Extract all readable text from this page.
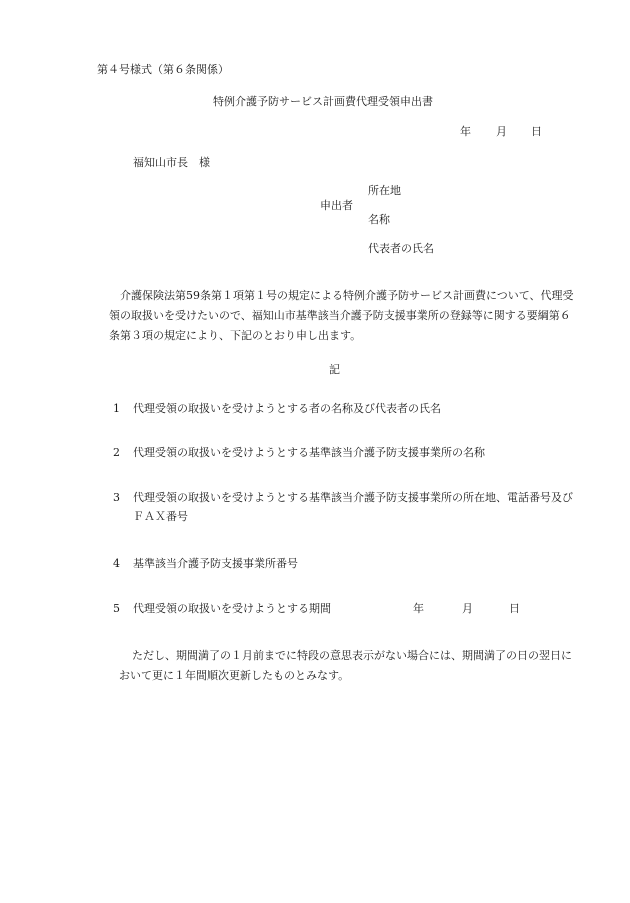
第４号様式（第６条関係）
特例介護予防サービス計画費代理受領申出書
年 月 日
福知山市長　様
申出者
所在地
名称
代表者の氏名
介護保険法第59条第１項第１号の規定による特例介護予防サービス計画費について、代理受領の取扱いを受けたいので、福知山市基準該当介護予防支援事業所の登録等に関する要綱第６条第３項の規定により、下記のとおり申し出ます。
記
1 代理受領の取扱いを受けようとする者の名称及び代表者の氏名
2 代理受領の取扱いを受けようとする基準該当介護予防支援事業所の名称
3 代理受領の取扱いを受けようとする基準該当介護予防支援事業所の所在地、電話番号及びＦＡＸ番号
4 基準該当介護予防支援事業所番号
5 代理受領の取扱いを受けようとする期間	年	月	日
ただし、期間満了の１月前までに特段の意思表示がない場合には、期間満了の日の翌日において更に１年間順次更新したものとみなす。
